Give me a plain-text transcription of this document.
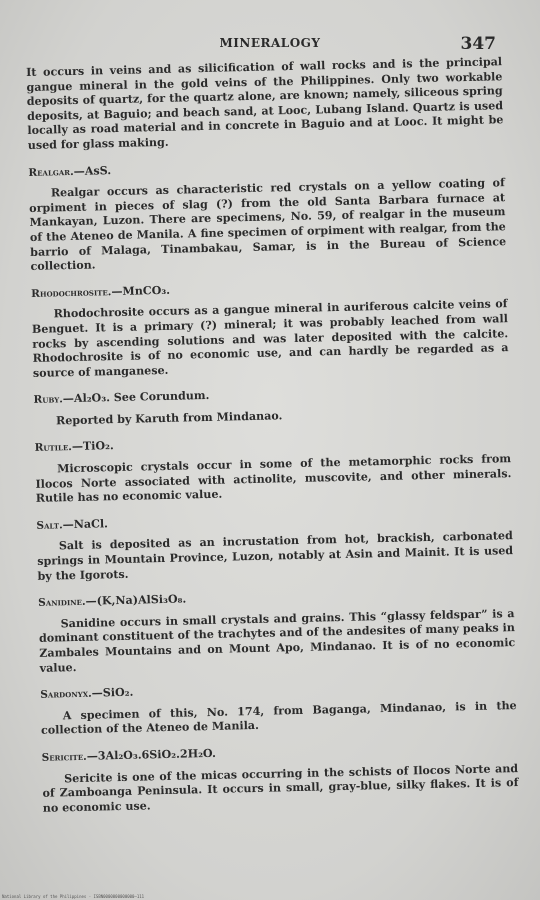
MINERALOGY	347

It occurs in veins and as silicification of wall rocks and is the principal gangue mineral in the gold veins of the Philippines. Only two workable deposits of quartz, for the quartz alone, are known; namely, siliceous spring deposits, at Baguio; and beach sand, at Looc, Lubang Island. Quartz is used locally as road material and in concrete in Baguio and at Looc. It might be used for glass making.

Realgar.—AsS.

Realgar occurs as characteristic red crystals on a yellow coating of orpiment in pieces of slag (?) from the old Santa Barbara furnace at Mankayan, Luzon. There are specimens, No. 59, of realgar in the museum of the Ateneo de Manila. A fine specimen of orpiment with realgar, from the barrio of Malaga, Tinambakau, Samar, is in the Bureau of Science collection.

Rhodochrosite.—MnCO₃.

Rhodochrosite occurs as a gangue mineral in auriferous calcite veins of Benguet. It is a primary (?) mineral; it was probably leached from wall rocks by ascending solutions and was later deposited with the calcite. Rhodochrosite is of no economic use, and can hardly be regarded as a source of manganese.

Ruby.—Al₂O₃. See Corundum.

Reported by Karuth from Mindanao.

Rutile.—TiO₂.

Microscopic crystals occur in some of the metamorphic rocks from Ilocos Norte associated with actinolite, muscovite, and other minerals. Rutile has no economic value.

Salt.—NaCl.

Salt is deposited as an incrustation from hot, brackish, carbonated springs in Mountain Province, Luzon, notably at Asin and Mainit. It is used by the Igorots.

Sanidine.—(K,Na)AlSi₃O₈.

Sanidine occurs in small crystals and grains. This “glassy feldspar” is a dominant constituent of the trachytes and of the andesites of many peaks in Zambales Mountains and on Mount Apo, Mindanao. It is of no economic value.

Sardonyx.—SiO₂.

A specimen of this, No. 174, from Baganga, Mindanao, is in the collection of the Ateneo de Manila.

Sericite.—3Al₂O₃.6SiO₂.2H₂O.

Sericite is one of the micas occurring in the schists of Ilocos Norte and of Zamboanga Peninsula. It occurs in small, gray-blue, silky flakes. It is of no economic use.

National Library of the Philippines · ISBN0000000000000–111
